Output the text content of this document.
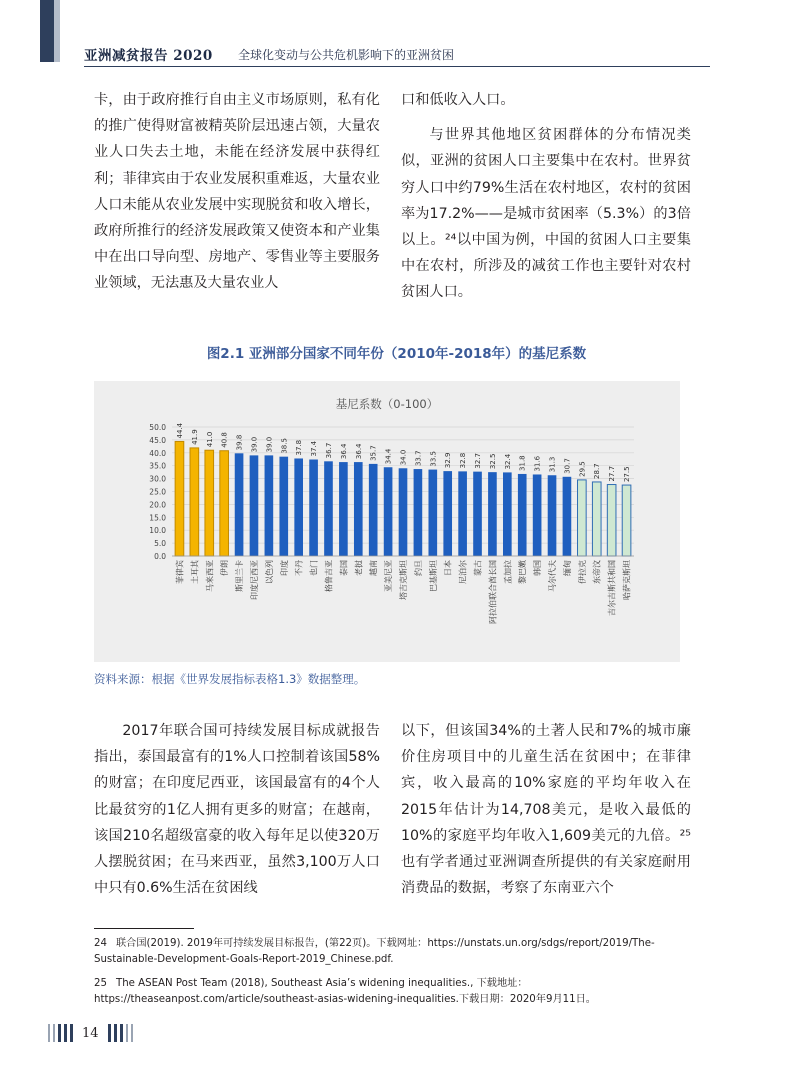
亚洲减贫报告 2020 全球化变动与公共危机影响下的亚洲贫困

卡，由于政府推行自由主义市场原则，私有化的推广使得财富被精英阶层迅速占领，大量农业人口失去土地，未能在经济发展中获得红利；菲律宾由于农业发展积重难返，大量农业人口未能从农业发展中实现脱贫和收入增长，政府所推行的经济发展政策又使资本和产业集中在出口导向型、房地产、零售业等主要服务业领域，无法惠及大量农业人

口和低收入人口。

与世界其他地区贫困群体的分布情况类似，亚洲的贫困人口主要集中在农村。世界贫穷人口中约79%生活在农村地区，农村的贫困率为17.2%——是城市贫困率（5.3%）的3倍以上。²⁴以中国为例，中国的贫困人口主要集中在农村，所涉及的减贫工作也主要针对农村贫困人口。

图2.1 亚洲部分国家不同年份（2010年-2018年）的基尼系数
基尼系数（0-100）
0.0
5.0
10.0
15.0
20.0
25.0
30.0
35.0
40.0
45.0
50.0 44.4
菲律宾
41.9
土耳其
41.0
马来西亚
40.8
伊朗
39.8
斯里兰卡
39.0
印度尼西亚
39.0
以色列
38.5
印度
37.8
不丹
37.4
也门
36.7
格鲁吉亚
36.4
泰国
36.4
老挝
35.7
越南
34.4
亚美尼亚
34.0
塔吉克斯坦
33.7
约旦
33.5
巴基斯坦
32.9
日本
32.8
尼泊尔
32.7
蒙古
32.5
阿拉伯联合酋长国
32.4
孟加拉
31.8
黎巴嫩
31.6
韩国
31.3
马尔代夫
30.7
缅甸
29.5
伊拉克
28.7
东帝汶
27.7
吉尔吉斯共和国
27.5
哈萨克斯坦
资料来源：根据《世界发展指标表格1.3》数据整理。

2017年联合国可持续发展目标成就报告指出，泰国最富有的1%人口控制着该国58%的财富；在印度尼西亚，该国最富有的4个人比最贫穷的1亿人拥有更多的财富；在越南，该国210名超级富豪的收入每年足以使320万人摆脱贫困；在马来西亚，虽然3,100万人口中只有0.6%生活在贫困线

以下，但该国34%的土著人民和7%的城市廉价住房项目中的儿童生活在贫困中；在菲律宾，收入最高的10%家庭的平均年收入在2015年估计为14,708美元，是收入最低的10%的家庭平均年收入1,609美元的九倍。²⁵也有学者通过亚洲调查所提供的有关家庭耐用消费品的数据，考察了东南亚六个

24 联合国(2019). 2019年可持续发展目标报告，(第22页)。下载网址：https://unstats.un.org/sdgs/report/2019/The-Sustainable-Development-Goals-Report-2019_Chinese.pdf.
25 The ASEAN Post Team (2018), Southeast Asia’s widening inequalities., 下载地址： https://theaseanpost.com/article/southeast-asias-widening-inequalities.下载日期：2020年9月11日。
14
